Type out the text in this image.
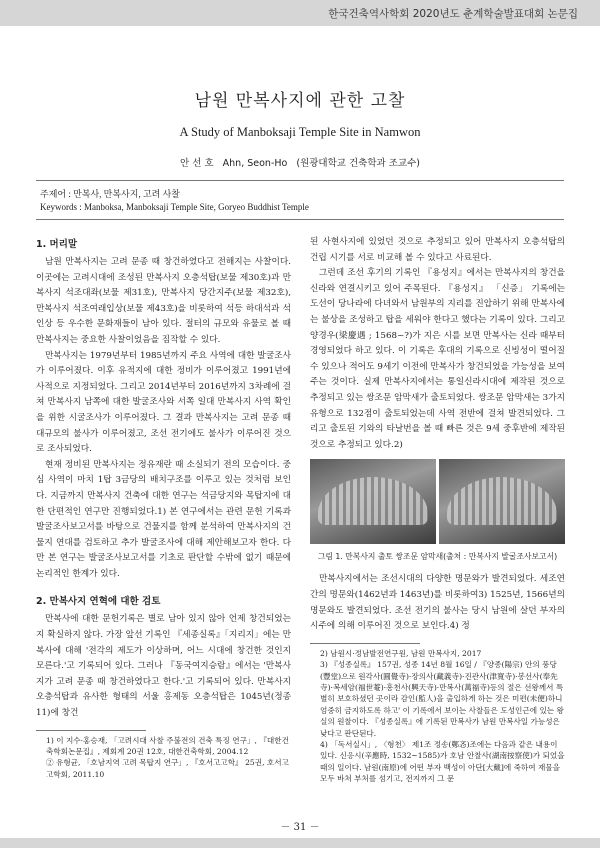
한국건축역사학회 2020년도 춘계학술발표대회 논문집
남원 만복사지에 관한 고찰
A Study of Manboksaji Temple Site in Namwon
안 선 호 Ahn, Seon-Ho (원광대학교 건축학과 조교수)
주제어 : 만복사, 만복사지, 고려 사찰
Keywords : Manboksa, Manboksaji Temple Site, Goryeo Buddhist Temple
1. 머리말

남원 만복사지는 고려 문종 때 창건하였다고 전해지는 사찰이다. 이곳에는 고려시대에 조성된 만복사지 오층석탑(보물 제30호)과 만복사지 석조대좌(보물 제31호), 만복사지 당간지주(보물 제32호), 만복사지 석조여래입상(보물 제43호)을 비롯하여 석등 하대석과 석인상 등 우수한 문화재들이 남아 있다. 절터의 규모와 유물로 볼 때 만복사지는 중요한 사찰이었음을 짐작할 수 있다.

만복사지는 1979년부터 1985년까지 주요 사역에 대한 발굴조사가 이루어졌다. 이후 유적지에 대한 정비가 이루어졌고 1991년에 사적으로 지정되었다. 그리고 2014년부터 2016년까지 3차례에 걸쳐 만복사지 남쪽에 대한 발굴조사와 서쪽 일대 만복사지 사역 확인을 위한 시굴조사가 이루어졌다. 그 결과 만복사지는 고려 문종 때 대규모의 불사가 이루어졌고, 조선 전기에도 불사가 이루어진 것으로 조사되었다.

현재 정비된 만복사지는 정유재란 때 소실되기 전의 모습이다. 중심 사역이 마치 1탑 3금당의 배치구조를 이루고 있는 것처럼 보인다. 지금까지 만복사지 건축에 대한 연구는 석금당지와 목탑지에 대한 단편적인 연구만 진행되었다.1) 본 연구에서는 관련 문헌 기록과 발굴조사보고서를 바탕으로 건물지를 함께 분석하여 만복사지의 건물지 연대를 검토하고 추가 발굴조사에 대해 제안해보고자 한다. 다만 본 연구는 발굴조사보고서를 기초로 판단할 수밖에 없기 때문에 논리적인 한계가 있다.

2. 만복사지 연혁에 대한 검토

만복사에 대한 문헌기록은 별로 남아 있지 않아 언제 창건되었는지 확실하지 않다. 가장 앞선 기록인 『세종실록』「지리지」에는 만복사에 대해 '전각의 제도가 이상하며, 어느 시대에 창건한 것인지 모른다.'고 기록되어 있다. 그러나 『동국여지승람』에서는 '만복사지가 고려 문종 때 창건하였다고 한다.'고 기록되어 있다. 만복사지오층석탑과 유사한 형태의 서울 홍제동 오층석탑은 1045년(정종 11)에 창건

1) 이 지수·홍승재, 「고려시대 사찰 주불전의 건축 특징 연구」, 『대한건축학회논문집』, 제회계 20권 12호, 대한건축학회, 2004.12

② 유형균, 「호남지역 고려 목탑지 연구」, 『호서고고학』 25권, 호서고고학회, 2011.10

된 사현사지에 있었던 것으로 추정되고 있어 만복사지 오층석탑의 건립 시기를 서로 비교해 볼 수 있다고 사료된다.

그런데 조선 후기의 기록인 『용성지』에서는 만복사지의 창건을 신라와 연결시키고 있어 주목된다. 『용성지』 「신증」 기록에는 도선이 당나라에 다녀와서 남원부의 지리를 진압하기 위해 만복사에는 불상을 조성하고 탑을 세워야 한다고 했다는 기록이 있다. 그리고 양경우(梁慶遇 ; 1568~?)가 지은 시를 보면 만복사는 신라 때부터 경영되었다 하고 있다. 이 기록은 후대의 기록으로 신빙성이 떨어질 수 있으나 적어도 9세기 이전에 만복사가 창건되었을 가능성을 보여주는 것이다. 실제 만복사지에서는 통일신라시대에 제작된 것으로 추정되고 있는 쌍조문 암막새가 출토되었다. 쌍조문 암막새는 3가지 유형으로 132점이 출토되었는데 사역 전반에 걸쳐 발견되었다. 그리고 출토된 기와의 타날번을 볼 때 빠른 것은 9세 중후반에 제작된 것으로 추정되고 있다.2)

그림 1. 만복사지 출토 쌍조문 암막새(출처 : 만복사지 발굴조사보고서)

만복사지에서는 조선시대의 다양한 명문와가 발견되었다. 세조연간의 명문와(1462년과 1463년)를 비롯하여3) 1525년, 1566년의 명문와도 발견되었다. 조선 전기의 불사는 당시 남원에 살던 부자의 시주에 의해 이루어진 것으로 보인다.4) 정

2) 남원시·정남발전연구원, 남원 만복사지, 2017

3) 『성종실록』 157권, 성종 14년 8월 16일 / 『양종(陽宗) 안의 풍당(豐堂)으로 원각사(圓覺寺)·장의사(藏義寺)·진관사(津寬寺)·봉선사(奉先寺)·복세암(福世菴)·흥천사(興天寺)·만복사(萬福寺)등의 절은 선왕께서 특별히 보호하셨던 곳이라 감인(監人)을 출입하게 하는 것은 미편(未便)하니 엄중히 금지하도록 하고' 이 기록에서 보이는 사찰들은 도성인근에 있는 왕실의 원찰이다. 『성종실록』에 기록된 만복사가 남원 만복사일 가능성은 낮다고 판단된다.

4) 「독서실시」, 〈형천〉 제1조 정송(鄭忞)조에는 다음과 같은 내용이 있다. 신응시(辛應時, 1532~1585)가 호남 안찰사(湖南按察使)가 되었을 때의 일이다. 남원(南原)에 어떤 부자 백성이 아단[大戴]에 죽하여 재물을 모두 바쳐 부처를 섬기고, 전지까지 그 문

－ 31 －
